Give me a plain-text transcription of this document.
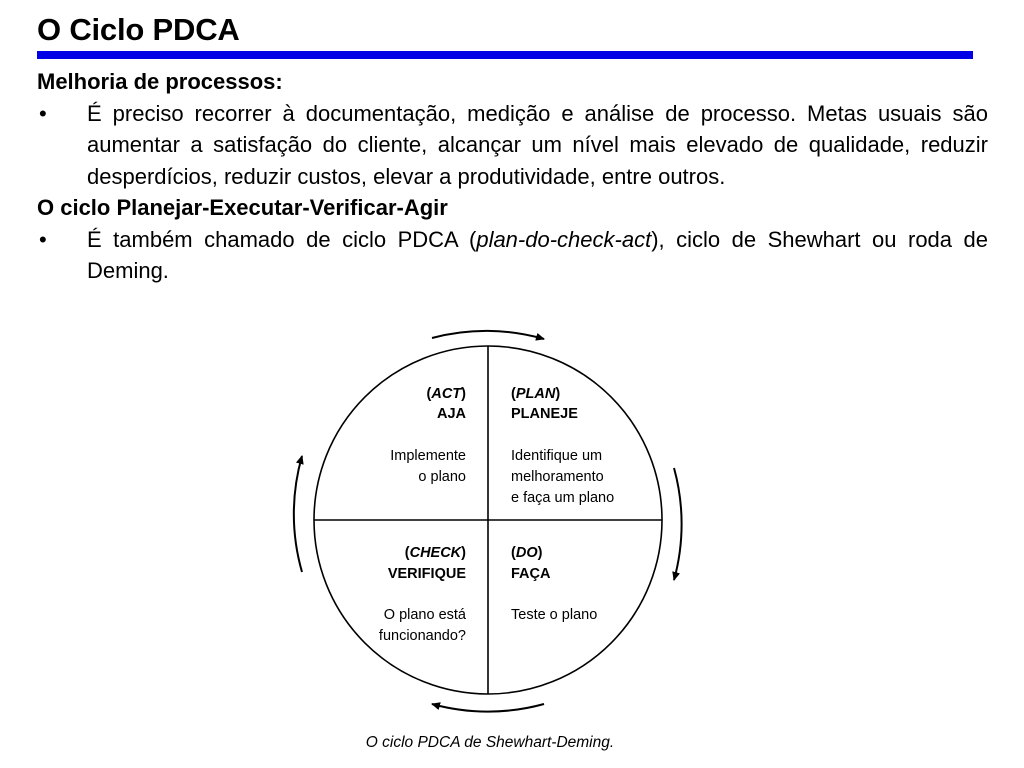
O Ciclo PDCA
Melhoria de processos:
• É preciso recorrer à documentação, medição e análise de processo. Metas usuais são aumentar a satisfação do cliente, alcançar um nível mais elevado de qualidade, reduzir desperdícios, reduzir custos, elevar a produtividade, entre outros.
O ciclo Planejar-Executar-Verificar-Agir
• É também chamado de ciclo PDCA (plan-do-check-act), ciclo de Shewhart ou roda de Deming.
(ACT)
AJA
Implemente
o plano
(PLAN)
PLANEJE
Identifique um
melhoramento
e faça um plano
(CHECK)
VERIFIQUE
O plano está
funcionando?
(DO)
FAÇA
Teste o plano
O ciclo PDCA de Shewhart-Deming.
